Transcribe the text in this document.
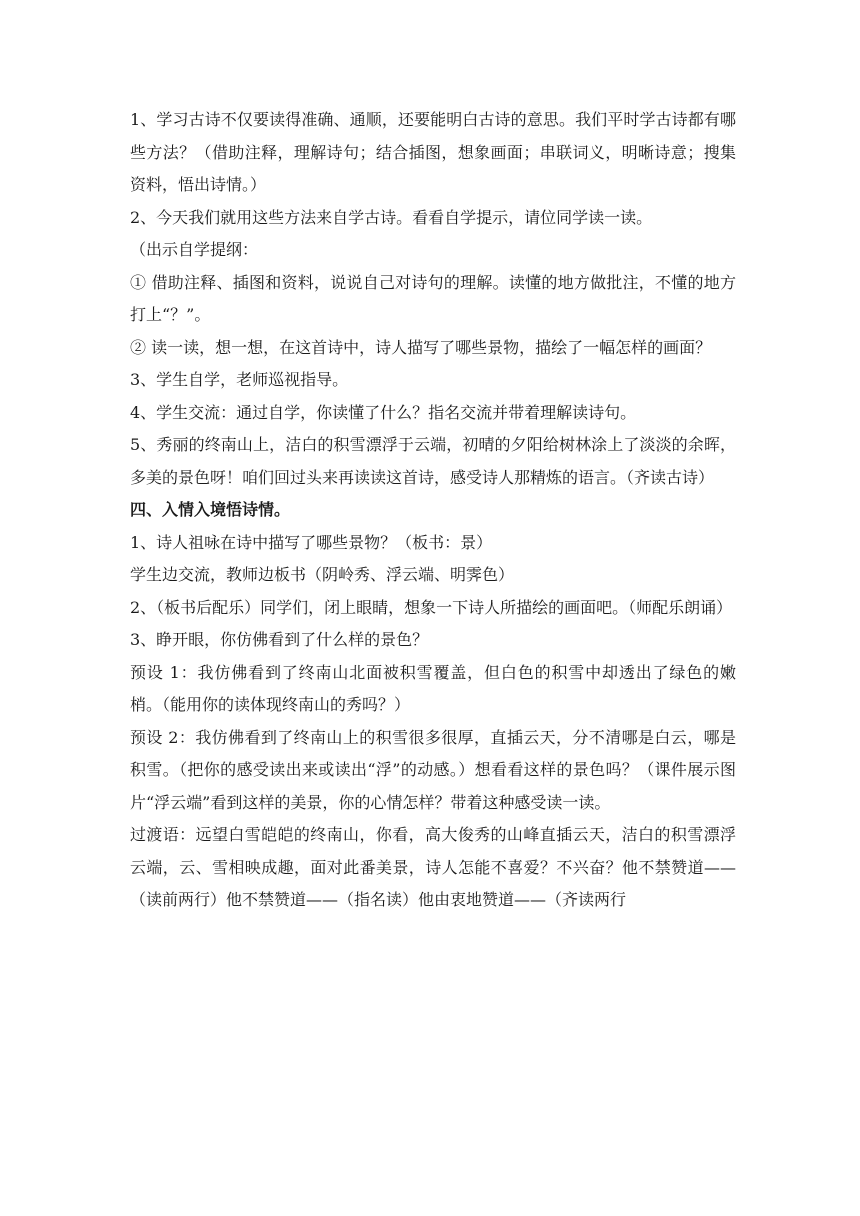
1、学习古诗不仅要读得准确、通顺，还要能明白古诗的意思。我们平时学古诗都有哪些方法？（借助注释，理解诗句；结合插图，想象画面；串联词义，明晰诗意；搜集资料，悟出诗情。）

2、今天我们就用这些方法来自学古诗。看看自学提示，请位同学读一读。

（出示自学提纲：

① 借助注释、插图和资料，说说自己对诗句的理解。读懂的地方做批注，不懂的地方打上“？”。

② 读一读，想一想，在这首诗中，诗人描写了哪些景物，描绘了一幅怎样的画面？

3、学生自学，老师巡视指导。

4、学生交流：通过自学，你读懂了什么？指名交流并带着理解读诗句。

5、秀丽的终南山上，洁白的积雪漂浮于云端，初晴的夕阳给树林涂上了淡淡的余晖，多美的景色呀！咱们回过头来再读读这首诗，感受诗人那精炼的语言。（齐读古诗）

四、入情入境悟诗情。

1、诗人祖咏在诗中描写了哪些景物？（板书：景）

学生边交流，教师边板书（阴岭秀、浮云端、明霁色）

2、（板书后配乐）同学们，闭上眼睛，想象一下诗人所描绘的画面吧。（师配乐朗诵）

3、睁开眼，你仿佛看到了什么样的景色？

预设 1：我仿佛看到了终南山北面被积雪覆盖，但白色的积雪中却透出了绿色的嫩梢。（能用你的读体现终南山的秀吗？）

预设 2：我仿佛看到了终南山上的积雪很多很厚，直插云天，分不清哪是白云，哪是积雪。（把你的感受读出来或读出“浮”的动感。）想看看这样的景色吗？（课件展示图片“浮云端”看到这样的美景，你的心情怎样？带着这种感受读一读。

过渡语：远望白雪皑皑的终南山，你看，高大俊秀的山峰直插云天，洁白的积雪漂浮云端，云、雪相映成趣，面对此番美景，诗人怎能不喜爱？不兴奋？他不禁赞道——（读前两行）他不禁赞道——（指名读）他由衷地赞道——（齐读两行
